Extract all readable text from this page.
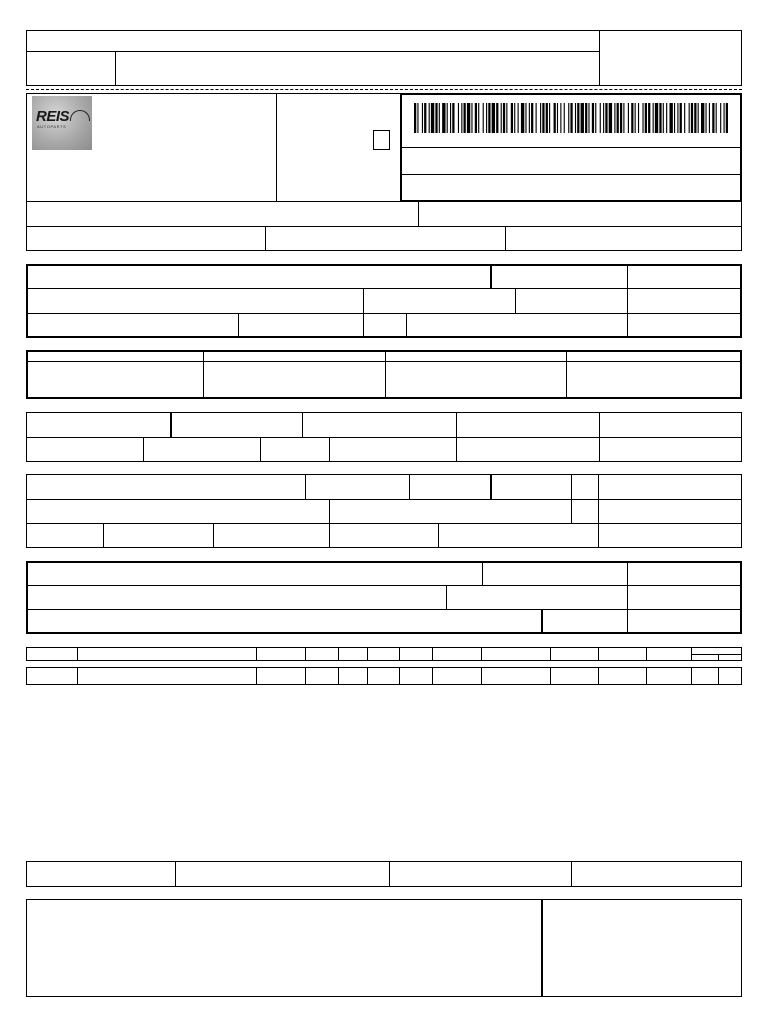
REIS
AUTOPARTS
